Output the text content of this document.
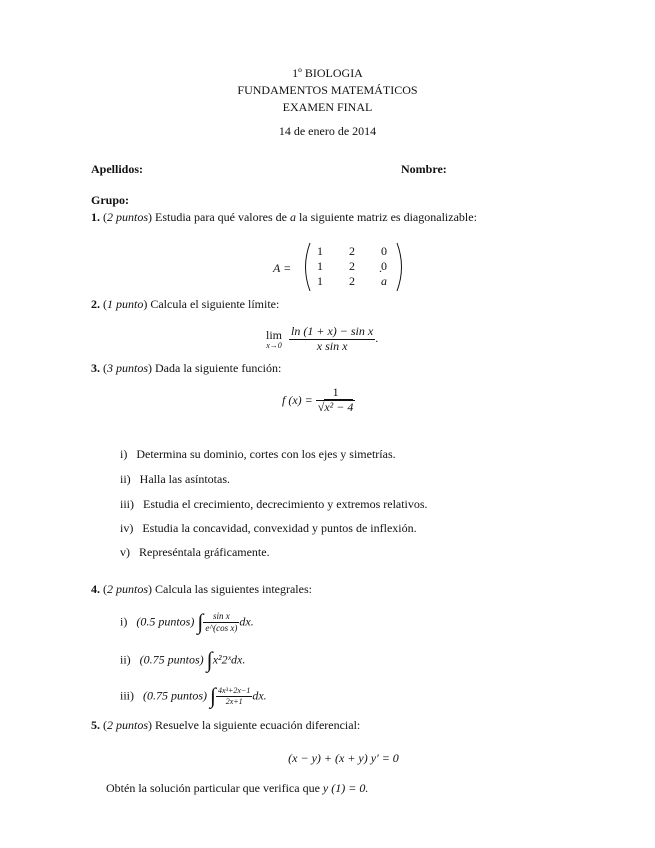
1º BIOLOGIA
FUNDAMENTOS MATEMÁTICOS
EXAMEN FINAL
14 de enero de 2014
Apellidos:	Nombre:
Grupo:
1. (2 puntos) Estudia para qué valores de a la siguiente matriz es diagonalizable:
A =
1 2 0
1 2 0
1 2 a
.
2. (1 punto) Calcula el siguiente límite:
lim
x→0
$\frac{\text{ln (1 + x) − sin x}}{\text{x sin x}}$ .
3. (3 puntos) Dada la siguiente función:
f $(x) = \frac{1}{\text{√x² − 4}}$
i) Determina su dominio, cortes con los ejes y simetrías.
ii) Halla las asíntotas.
iii) Estudia el crecimiento, decrecimiento y extremos relativos.
iv) Estudia la concavidad, convexidad y puntos de inflexión.
v) Represéntala gráficamente.
4. (2 puntos) Calcula las siguientes integrales:
i) (0.5 puntos) ∫ $\frac{\text{sin x}}{\text{e\textasciicircum{}(cos x)}}$ dx.
ii) (0.75 puntos) ∫x²2ˣdx.
iii) (0.75 puntos) ∫ $\frac{\text{4x³+2x−1}}{2x+1}$ dx.
5. (2 puntos) Resuelve la siguiente ecuación diferencial:
(x − y) + (x + y) y′ = 0
Obtén la solución particular que verifica que y (1) = 0.
